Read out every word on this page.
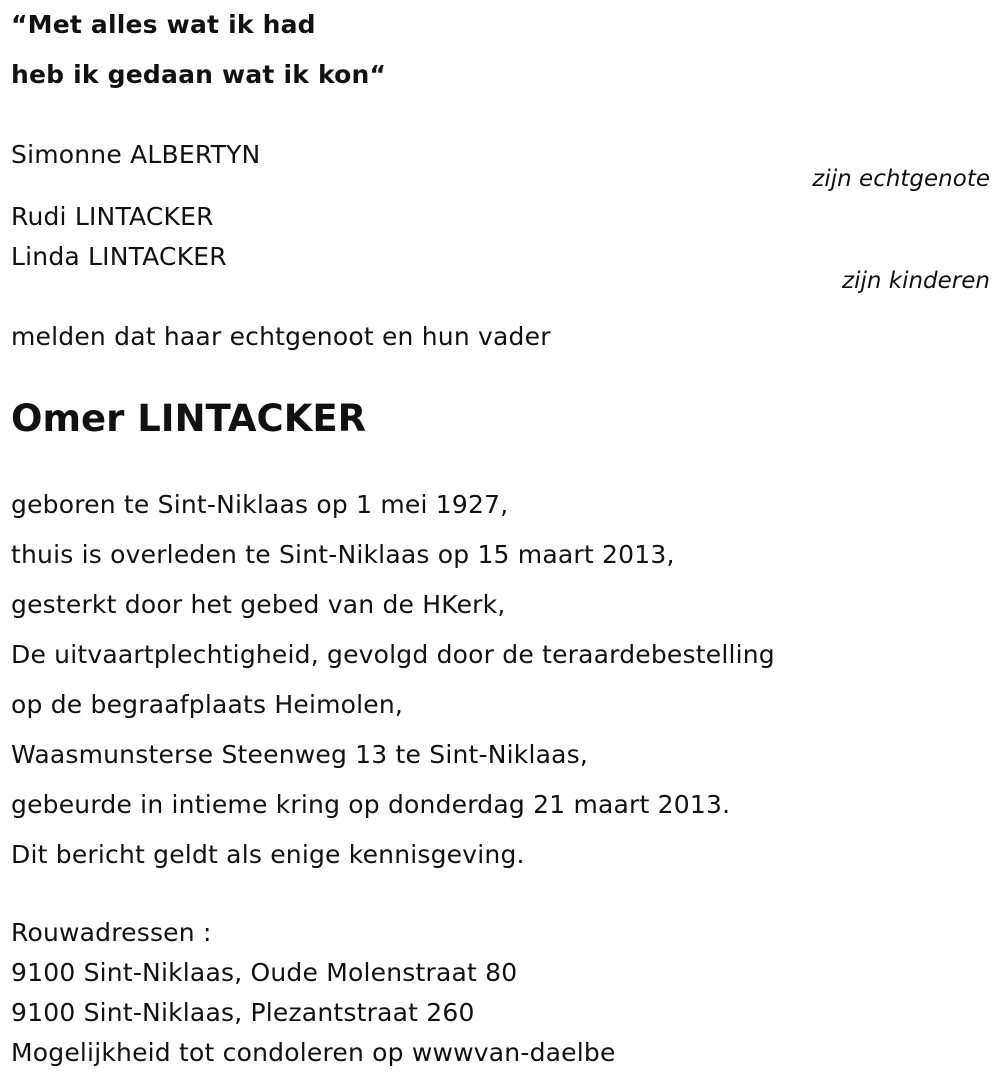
“Met alles wat ik had
heb ik gedaan wat ik kon“
Simonne ALBERTYN
zijn echtgenote
Rudi LINTACKER
Linda LINTACKER
zijn kinderen
melden dat haar echtgenoot en hun vader
Omer LINTACKER
geboren te Sint-Niklaas op 1 mei 1927,
thuis is overleden te Sint-Niklaas op 15 maart 2013,
gesterkt door het gebed van de HKerk,
De uitvaartplechtigheid, gevolgd door de teraardebestelling
op de begraafplaats Heimolen,
Waasmunsterse Steenweg 13 te Sint-Niklaas,
gebeurde in intieme kring op donderdag 21 maart 2013.
Dit bericht geldt als enige kennisgeving.
Rouwadressen :
9100 Sint-Niklaas, Oude Molenstraat 80
9100 Sint-Niklaas, Plezantstraat 260
Mogelijkheid tot condoleren op wwwvan-daelbe
